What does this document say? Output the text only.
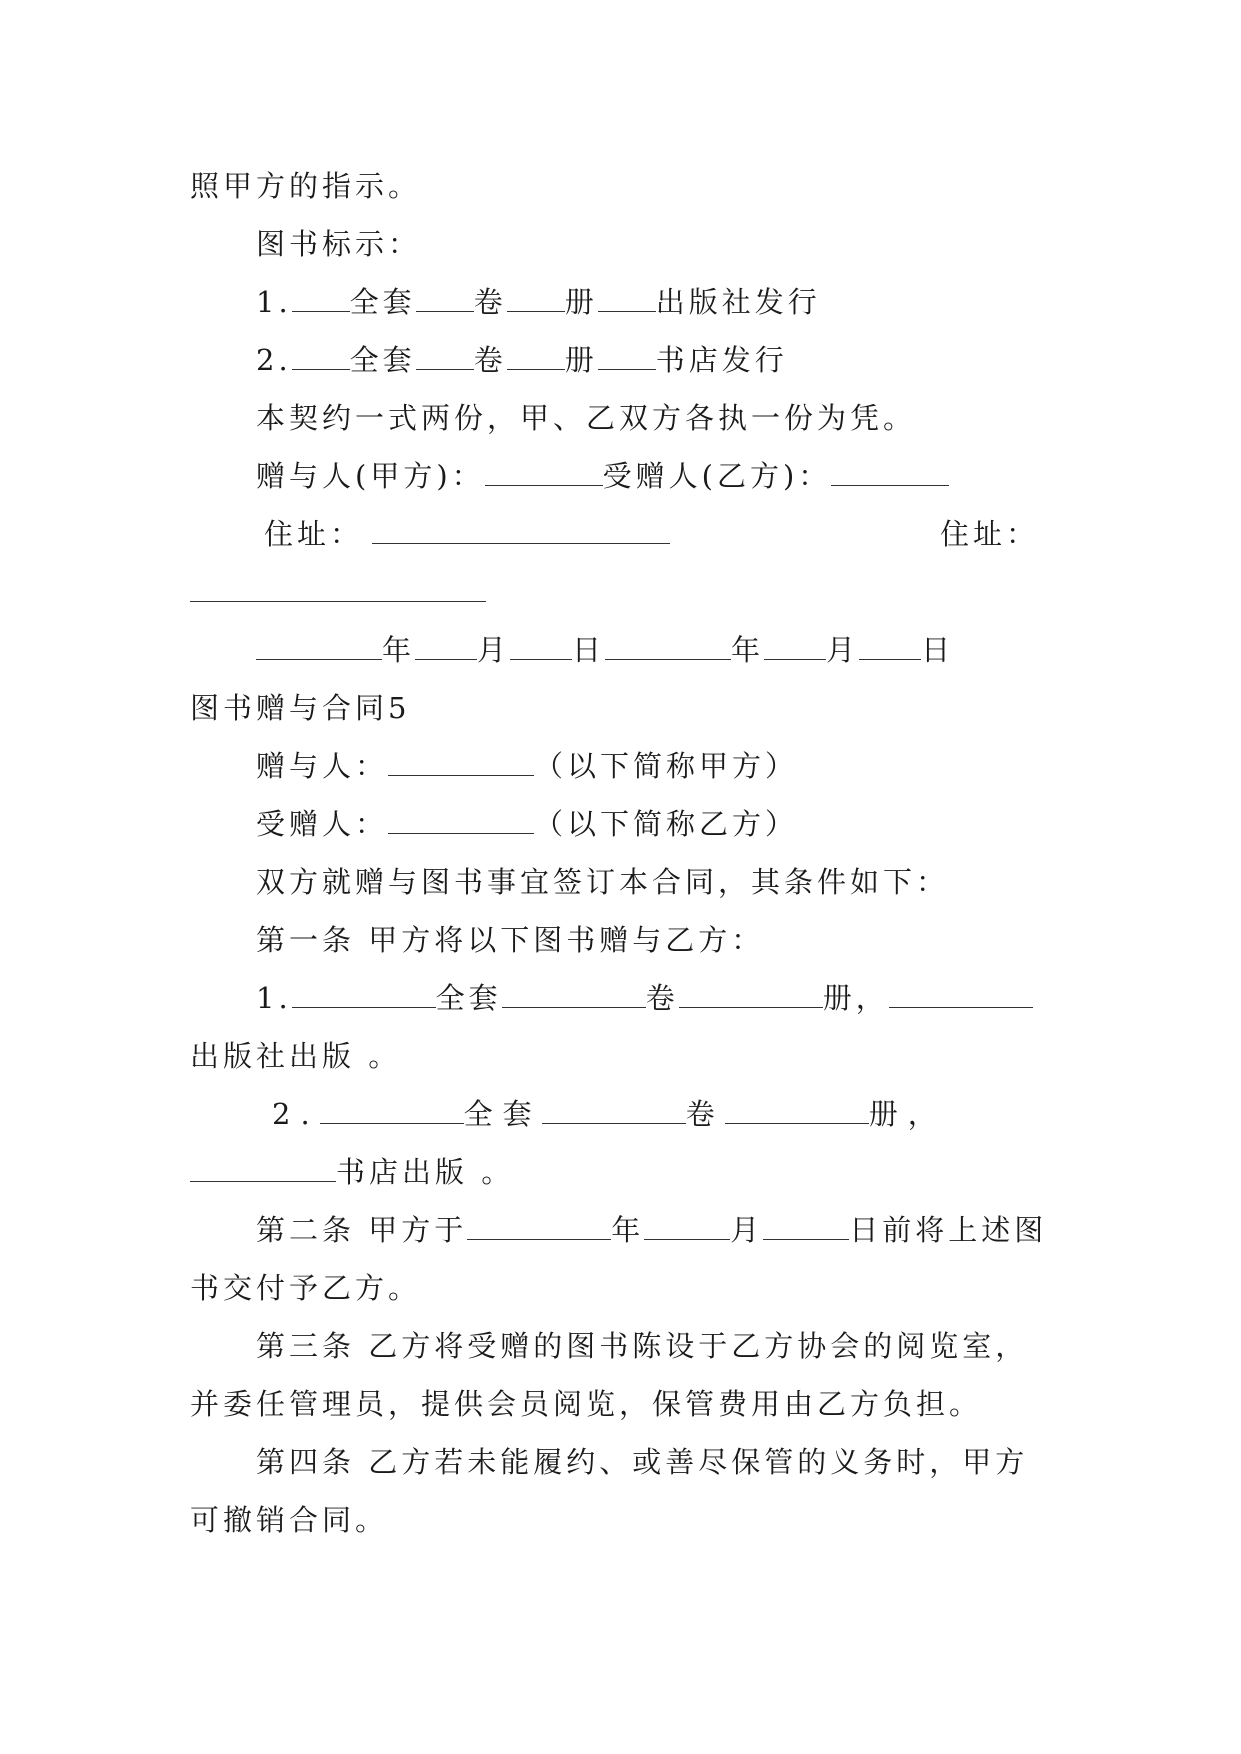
照甲方的指示。
图书标示：
1. 全套 卷 册 出版社发行
2. 全套 卷 册 书店发行
本契约一式两份，甲、乙双方各执一份为凭。
赠与人(甲方)：	受赠人(乙方)：
住址：	住址：
年 月 日	年 月 日
图书赠与合同5
赠与人：	（以下简称甲方）
受赠人：	（以下简称乙方）
双方就赠与图书事宜签订本合同，其条件如下：
第一条 甲方将以下图书赠与乙方：
1.	全套	卷	册，
出版社出版 。
2.	全套	卷	册，
书店出版 。
第二条 甲方于	年	月	日前将上述图
书交付予乙方。
第三条 乙方将受赠的图书陈设于乙方协会的阅览室，
并委任管理员，提供会员阅览，保管费用由乙方负担。
第四条 乙方若未能履约、或善尽保管的义务时，甲方
可撤销合同。
